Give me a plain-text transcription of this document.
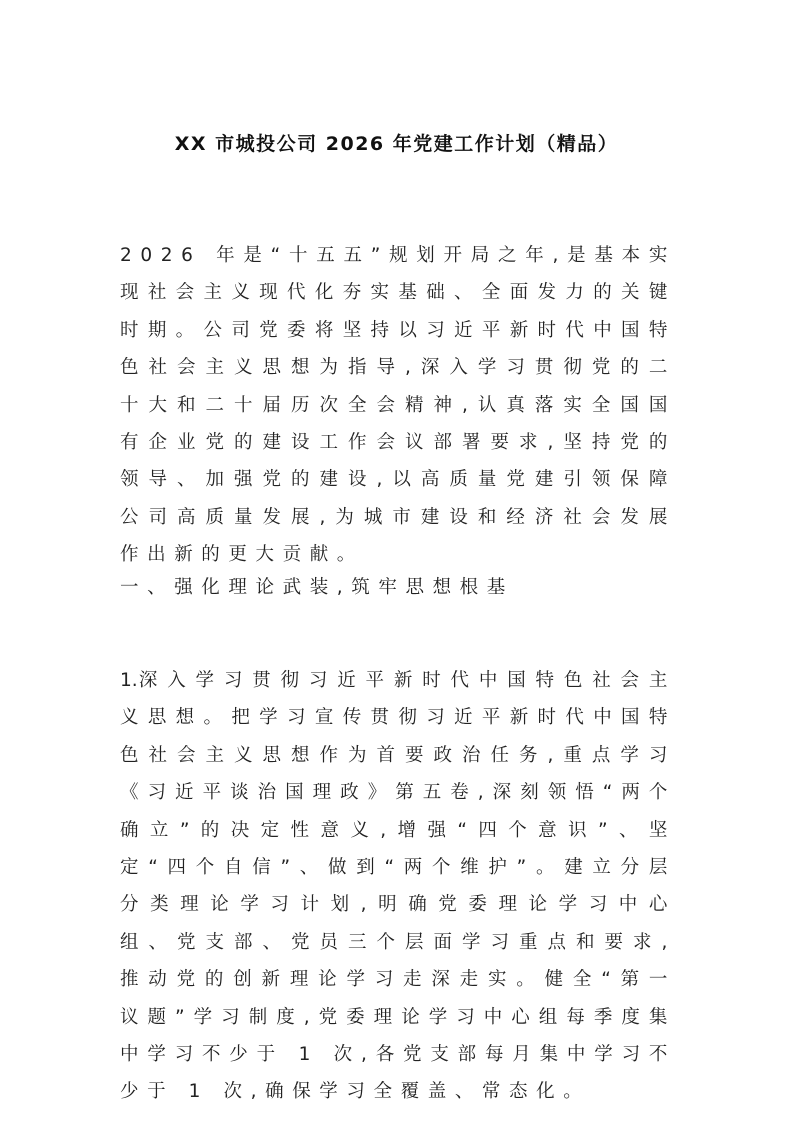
XX 市城投公司 2026 年党建工作计划（精品）

2026 年是“十五五”规划开局之年,是基本实现社会主义现代化夯实基础、全面发力的关键时期。公司党委将坚持以习近平新时代中国特色社会主义思想为指导,深入学习贯彻党的二十大和二十届历次全会精神,认真落实全国国有企业党的建设工作会议部署要求,坚持党的领导、加强党的建设,以高质量党建引领保障公司高质量发展,为城市建设和经济社会发展作出新的更大贡献。

一、强化理论武装,筑牢思想根基

1.深入学习贯彻习近平新时代中国特色社会主义思想。把学习宣传贯彻习近平新时代中国特色社会主义思想作为首要政治任务,重点学习《习近平谈治国理政》第五卷,深刻领悟“两个确立”的决定性意义,增强“四个意识”、坚定“四个自信”、做到“两个维护”。建立分层分类理论学习计划,明确党委理论学习中心组、党支部、党员三个层面学习重点和要求,推动党的创新理论学习走深走实。健全“第一议题”学习制度,党委理论学习中心组每季度集中学习不少于 1 次,各党支部每月集中学习不少于 1 次,确保学习全覆盖、常态化。
